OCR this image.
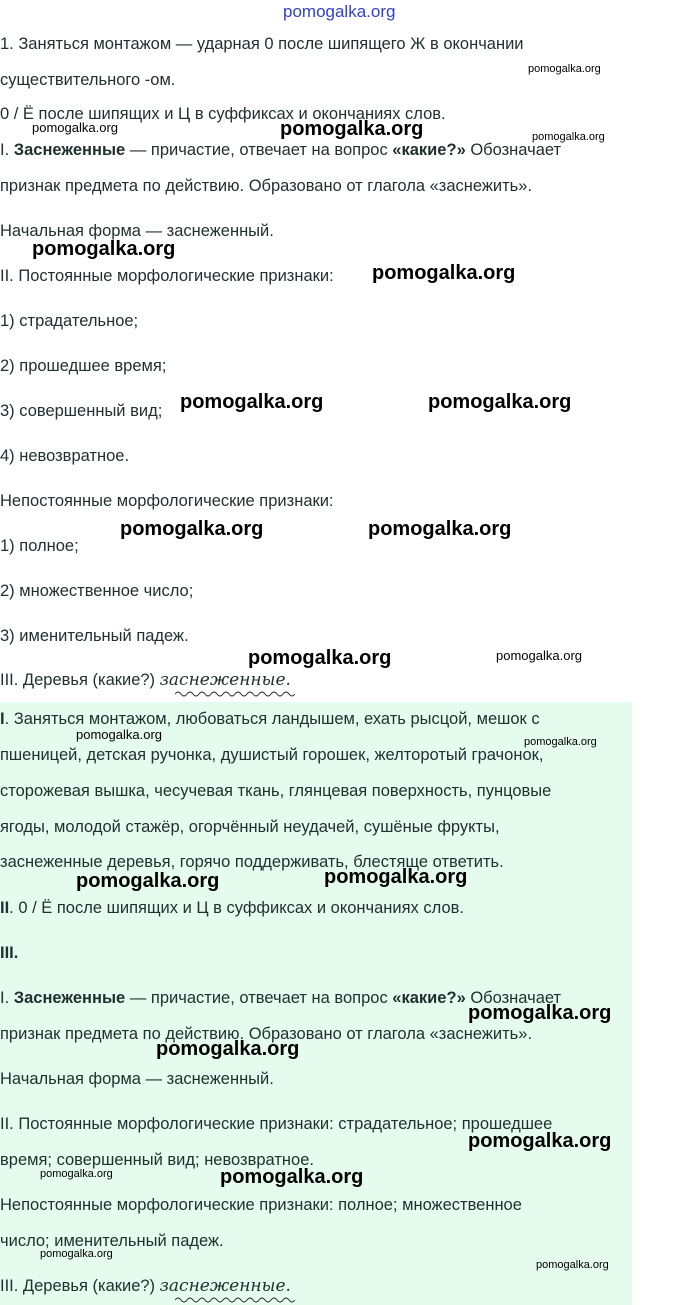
1. Заняться монтажом — ударная 0 после шипящего Ж в окончании
существительного -ом.
0 / Ё после шипящих и Ц в суффиксах и окончаниях слов.
I. Заснеженные — причастие, отвечает на вопрос «какие?» Обозначает
признак предмета по действию. Образовано от глагола «заснежить».
Начальная форма — заснеженный.
II. Постоянные морфологические признаки:
1) страдательное;
2) прошедшее время;
3) совершенный вид;
4) невозвратное.
Непостоянные морфологические признаки:
1) полное;
2) множественное число;
3) именительный падеж.
III. Деревья (какие?) заснеженные.
I. Заняться монтажом, любоваться ландышем, ехать рысцой, мешок с
пшеницей, детская ручонка, душистый горошек, желторотый грачонок,
сторожевая вышка, чесучевая ткань, глянцевая поверхность, пунцовые
ягоды, молодой стажёр, огорчённый неудачей, сушёные фрукты,
заснеженные деревья, горячо поддерживать, блестяще ответить.
II. 0 / Ё после шипящих и Ц в суффиксах и окончаниях слов.
III.
I. Заснеженные — причастие, отвечает на вопрос «какие?» Обозначает
признак предмета по действию. Образовано от глагола «заснежить».
Начальная форма — заснеженный.
II. Постоянные морфологические признаки: страдательное; прошедшее
время; совершенный вид; невозвратное.
Непостоянные морфологические признаки: полное; множественное
число; именительный падеж.
III. Деревья (какие?) заснеженные.
pomogalka.org
pomogalka.org
pomogalka.org	pomogalka.org	pomogalka.org
pomogalka.org
pomogalka.org
pomogalka.org	pomogalka.org
pomogalka.org	pomogalka.org
pomogalka.org	pomogalka.org
pomogalka.org	pomogalka.org
pomogalka.org	pomogalka.org
pomogalka.org
pomogalka.org
pomogalka.org
pomogalka.org	pomogalka.org
pomogalka.org
pomogalka.org
